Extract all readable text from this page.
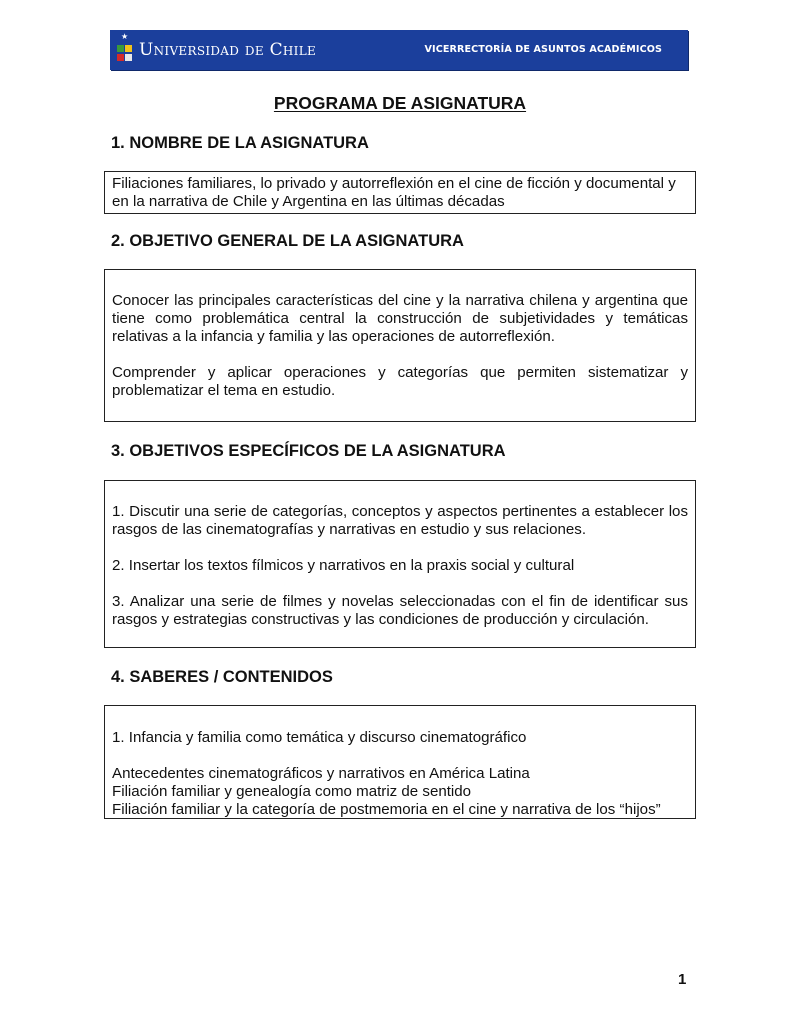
★
Universidad de Chile	VICERRECTORÍA DE ASUNTOS ACADÉMICOS
PROGRAMA DE ASIGNATURA
1. NOMBRE DE LA ASIGNATURA

Filiaciones familiares, lo privado y autorreflexión en el cine de ficción y documental y en la narrativa de Chile y Argentina en las últimas décadas

2. OBJETIVO GENERAL DE LA ASIGNATURA

Conocer las principales características del cine y la narrativa chilena y argentina que tiene como problemática central la construcción de subjetividades y temáticas relativas a la infancia y familia y las operaciones de autorreflexión.

Comprender y aplicar operaciones y categorías que permiten sistematizar y problematizar el tema en estudio.

3. OBJETIVOS ESPECÍFICOS DE LA ASIGNATURA

1. Discutir una serie de categorías, conceptos y aspectos pertinentes a establecer los rasgos de las cinematografías y narrativas en estudio y sus relaciones.

2. Insertar los textos fílmicos y narrativos en la praxis social y cultural

3. Analizar una serie de filmes y novelas seleccionadas con el fin de identificar sus rasgos y estrategias constructivas y las condiciones de producción y circulación.

4. SABERES / CONTENIDOS

1. Infancia y familia como temática y discurso cinematográfico

Antecedentes cinematográficos y narrativos en América Latina

Filiación familiar y genealogía como matriz de sentido

Filiación familiar y la categoría de postmemoria en el cine y narrativa de los “hijos”

1
